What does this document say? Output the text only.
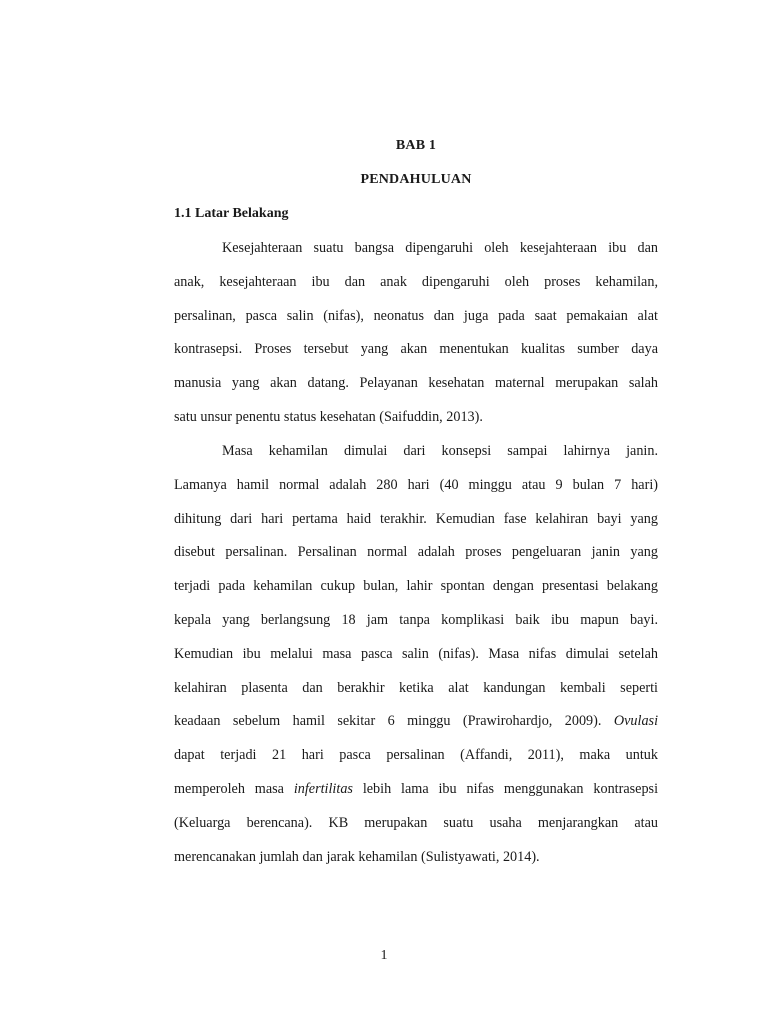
BAB 1
PENDAHULUAN
1.1 Latar Belakang

Kesejahteraan suatu bangsa dipengaruhi oleh kesejahteraan ibu dan
anak, kesejahteraan ibu dan anak dipengaruhi oleh proses kehamilan,
persalinan, pasca salin (nifas), neonatus dan juga pada saat pemakaian alat
kontrasepsi. Proses tersebut yang akan menentukan kualitas sumber daya
manusia yang akan datang. Pelayanan kesehatan maternal merupakan salah
satu unsur penentu status kesehatan (Saifuddin, 2013).

Masa kehamilan dimulai dari konsepsi sampai lahirnya janin.
Lamanya hamil normal adalah 280 hari (40 minggu atau 9 bulan 7 hari)
dihitung dari hari pertama haid terakhir. Kemudian fase kelahiran bayi yang
disebut persalinan. Persalinan normal adalah proses pengeluaran janin yang
terjadi pada kehamilan cukup bulan, lahir spontan dengan presentasi belakang
kepala yang berlangsung 18 jam tanpa komplikasi baik ibu mapun bayi.
Kemudian ibu melalui masa pasca salin (nifas). Masa nifas dimulai setelah
kelahiran plasenta dan berakhir ketika alat kandungan kembali seperti
keadaan sebelum hamil sekitar 6 minggu (Prawirohardjo, 2009). Ovulasi
dapat terjadi 21 hari pasca persalinan (Affandi, 2011), maka untuk
memperoleh masa infertilitas lebih lama ibu nifas menggunakan kontrasepsi
(Keluarga berencana). KB merupakan suatu usaha menjarangkan atau
merencanakan jumlah dan jarak kehamilan (Sulistyawati, 2014).

1
